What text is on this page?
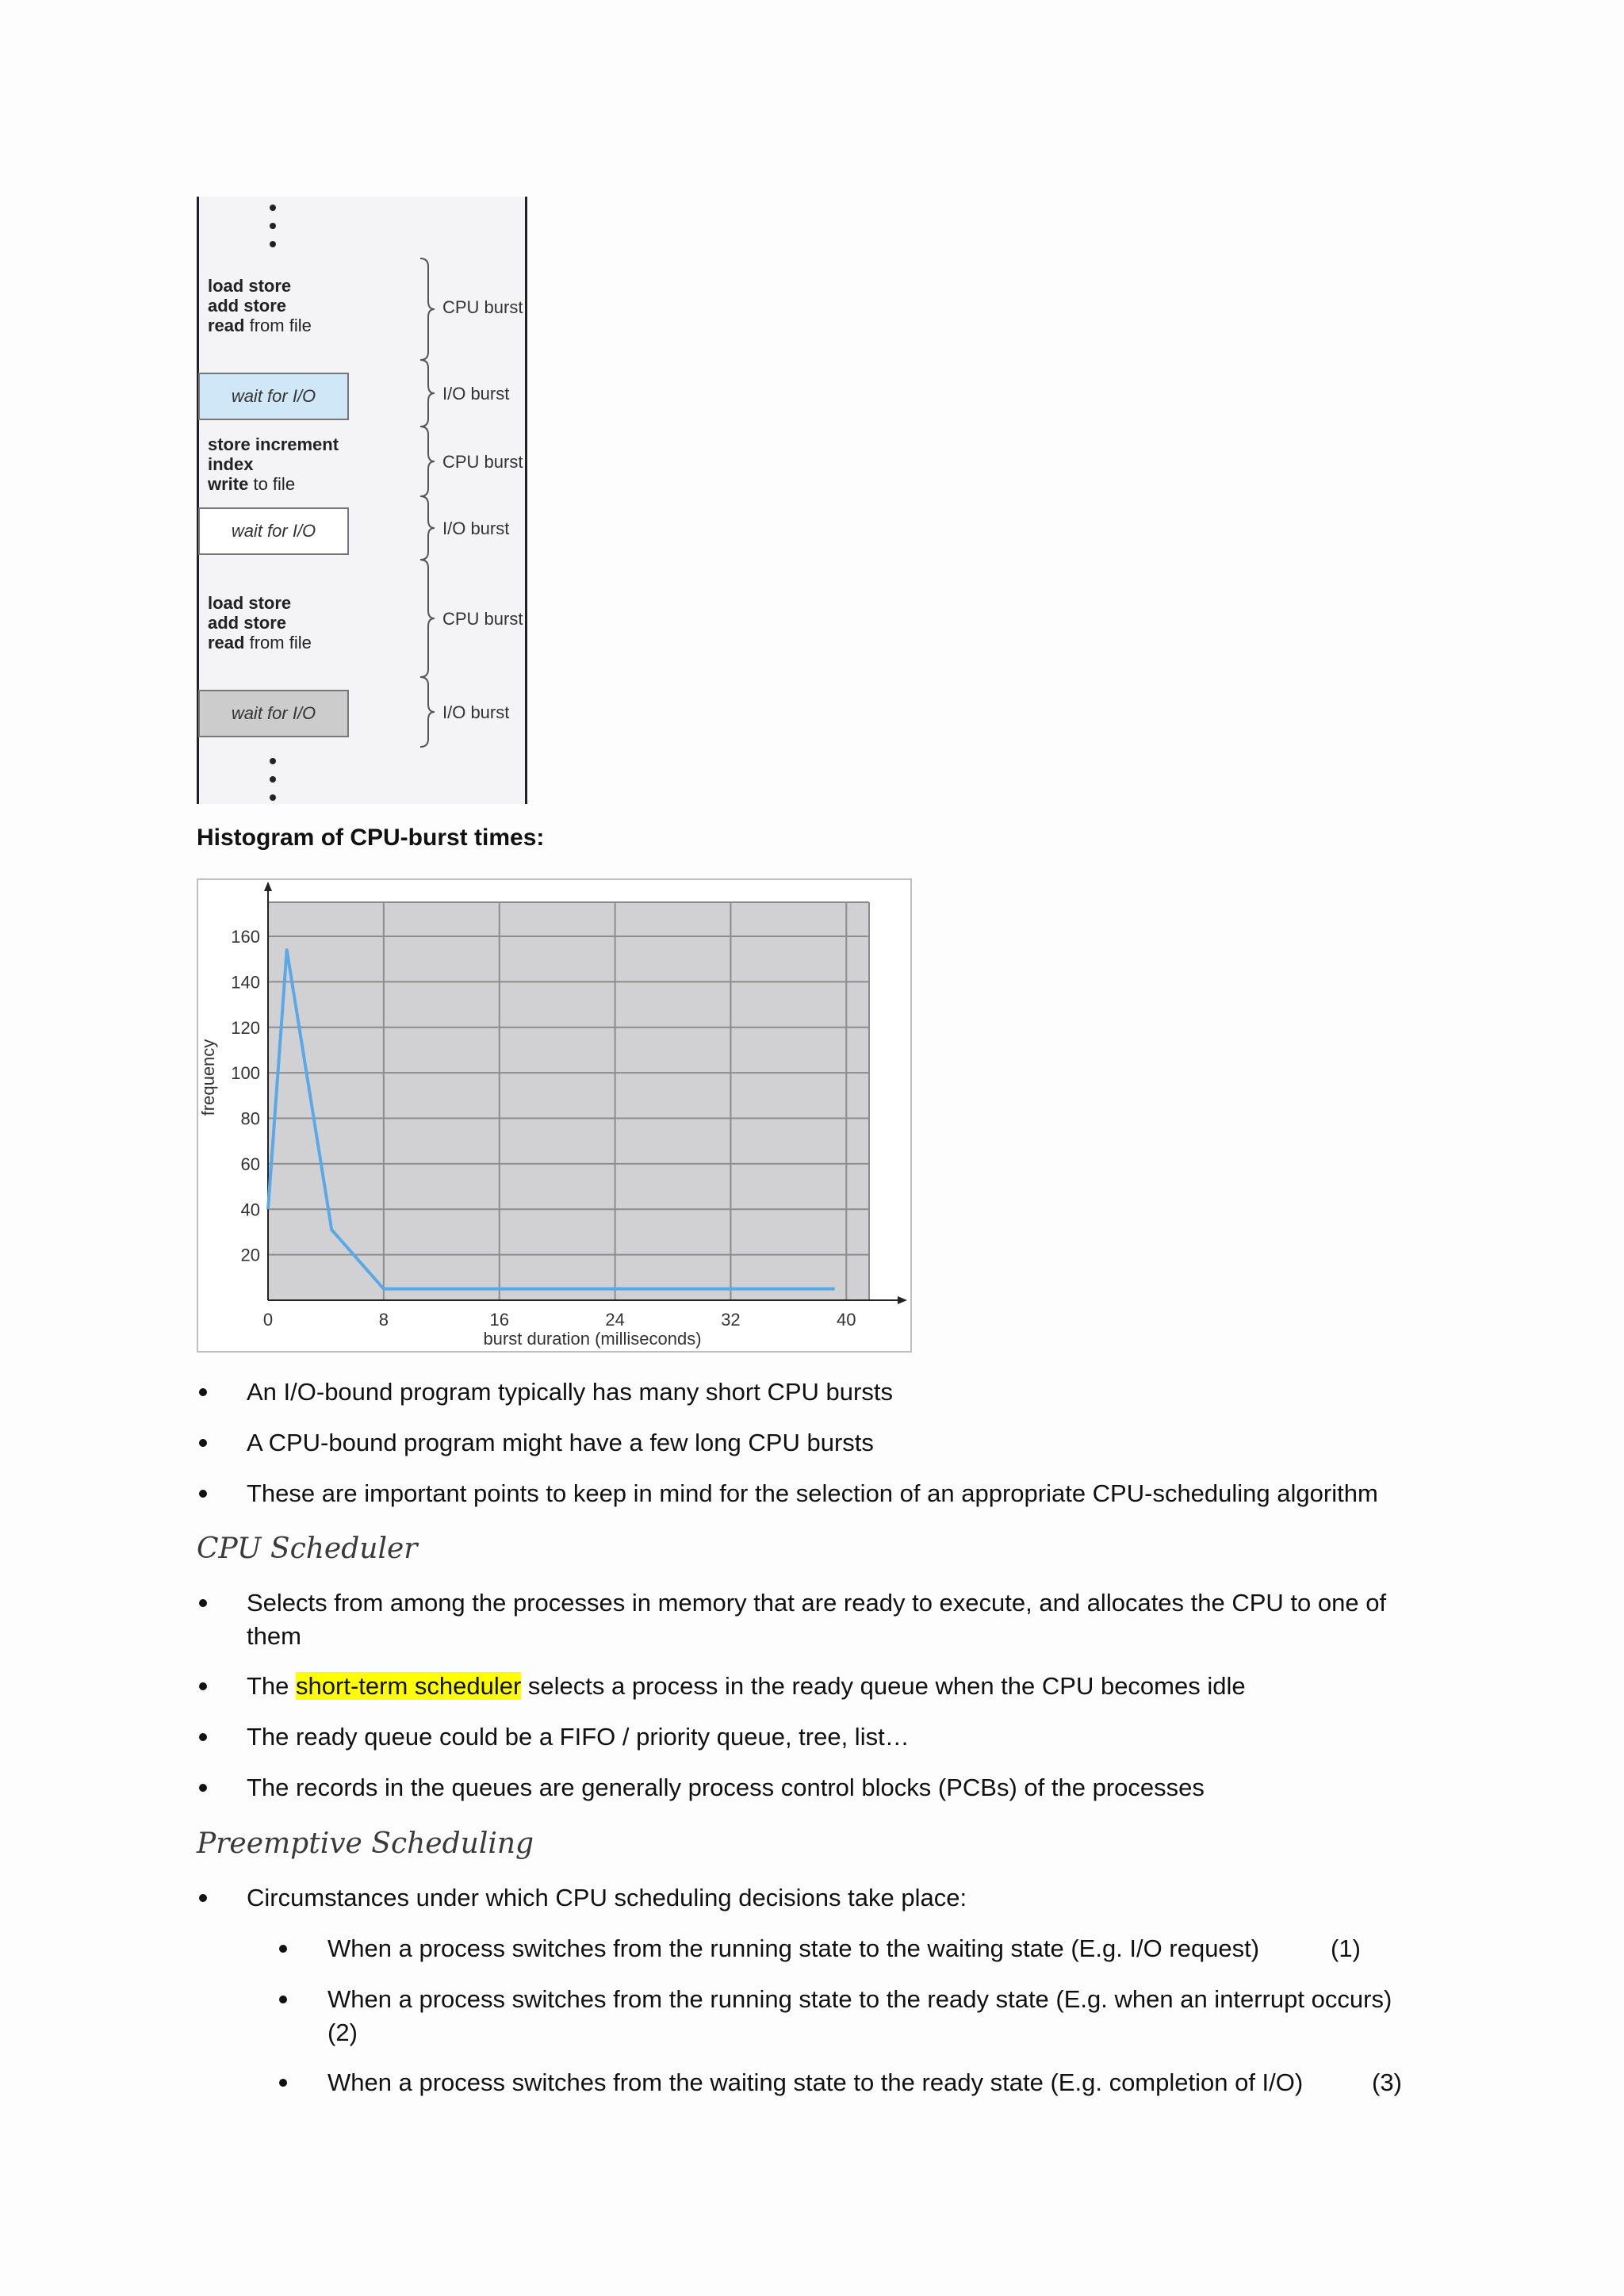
load store
add store
read from file
wait for I/O
store increment
index
write to file
wait for I/O
load store
add store
read from file
wait for I/O
CPU burst
I/O burst
CPU burst
I/O burst
CPU burst
I/O burst
Histogram of CPU-burst times:
20
40
60
80
100
120
140
160
0	8	16	24	32	40
burst duration (milliseconds)
frequency
An I/O-bound program typically has many short CPU bursts
A CPU-bound program might have a few long CPU bursts
These are important points to keep in mind for the selection of an appropriate CPU-scheduling algorithm
CPU Scheduler
Selects from among the processes in memory that are ready to execute, and allocates the CPU to one of
them
The short-term scheduler selects a process in the ready queue when the CPU becomes idle
The ready queue could be a FIFO / priority queue, tree, list…
The records in the queues are generally process control blocks (PCBs) of the processes
Preemptive Scheduling
Circumstances under which CPU scheduling decisions take place:
When a process switches from the running state to the waiting state (E.g. I/O request)	(1)
When a process switches from the running state to the ready state (E.g. when an interrupt occurs)
(2)
When a process switches from the waiting state to the ready state (E.g. completion of I/O)	(3)
